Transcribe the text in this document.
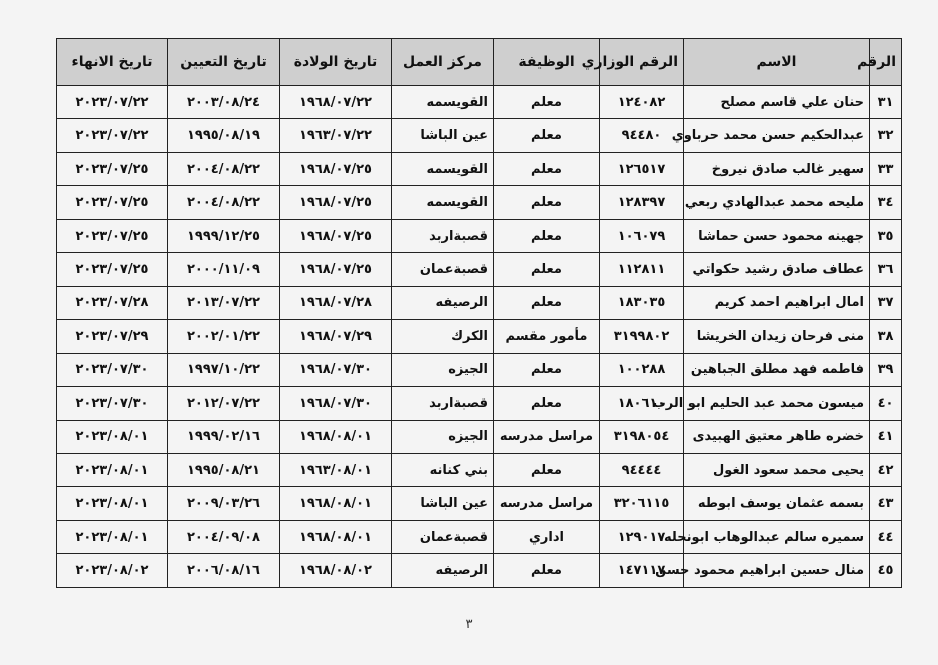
الرقم	الاسم	الرقم الوزاري	الوظيفة	مركز العمل	تاريخ الولادة	تاريخ التعيين	تاريخ الانهاء
٣١	حنان علي قاسم مصلح	١٢٤٠٨٢	معلم	القويسمه	١٩٦٨/٠٧/٢٢	٢٠٠٣/٠٨/٢٤	٢٠٢٣/٠٧/٢٢
٣٢	عبدالحكيم حسن محمد حرباوي	٩٤٤٨٠	معلم	عين الباشا	١٩٦٣/٠٧/٢٢	١٩٩٥/٠٨/١٩	٢٠٢٣/٠٧/٢٢
٣٣	سهير غالب صادق نيروخ	١٢٦٥١٧	معلم	القويسمه	١٩٦٨/٠٧/٢٥	٢٠٠٤/٠٨/٢٢	٢٠٢٣/٠٧/٢٥
٣٤	مليحه محمد عبدالهادي ربعي	١٢٨٣٩٧	معلم	القويسمه	١٩٦٨/٠٧/٢٥	٢٠٠٤/٠٨/٢٢	٢٠٢٣/٠٧/٢٥
٣٥	جهينه محمود حسن حماشا	١٠٦٠٧٩	معلم	قصبةاربد	١٩٦٨/٠٧/٢٥	١٩٩٩/١٢/٢٥	٢٠٢٣/٠٧/٢٥
٣٦	عطاف صادق رشيد حكواتي	١١٢٨١١	معلم	قصبةعمان	١٩٦٨/٠٧/٢٥	٢٠٠٠/١١/٠٩	٢٠٢٣/٠٧/٢٥
٣٧	امال ابراهيم احمد كريم	١٨٣٠٣٥	معلم	الرصيفه	١٩٦٨/٠٧/٢٨	٢٠١٣/٠٧/٢٢	٢٠٢٣/٠٧/٢٨
٣٨	منى فرحان زيدان الخريشا	٣١٩٩٨٠٢	مأمور مقسم	الكرك	١٩٦٨/٠٧/٢٩	٢٠٠٢/٠١/٢٢	٢٠٢٣/٠٧/٢٩
٣٩	فاطمه فهد مطلق الجباهين	١٠٠٢٨٨	معلم	الجيزه	١٩٦٨/٠٧/٣٠	١٩٩٧/١٠/٢٢	٢٠٢٣/٠٧/٣٠
٤٠	ميسون محمد عبد الحليم ابو الرب	١٨٠٦١٠	معلم	قصبةاربد	١٩٦٨/٠٧/٣٠	٢٠١٢/٠٧/٢٢	٢٠٢٣/٠٧/٣٠
٤١	خضره طاهر معتيق الهبيدى	٣١٩٨٠٥٤	مراسل مدرسه	الجيزه	١٩٦٨/٠٨/٠١	١٩٩٩/٠٢/١٦	٢٠٢٣/٠٨/٠١
٤٢	يحيى محمد سعود الغول	٩٤٤٤٤	معلم	بني كنانه	١٩٦٣/٠٨/٠١	١٩٩٥/٠٨/٢١	٢٠٢٣/٠٨/٠١
٤٣	بسمه عثمان يوسف ابوطه	٣٢٠٦١١٥	مراسل مدرسه	عين الباشا	١٩٦٨/٠٨/٠١	٢٠٠٩/٠٣/٢٦	٢٠٢٣/٠٨/٠١
٤٤	سميره سالم عبدالوهاب ابونحله	١٢٩٠١٧	اداري	قصبةعمان	١٩٦٨/٠٨/٠١	٢٠٠٤/٠٩/٠٨	٢٠٢٣/٠٨/٠١
٤٥	منال حسين ابراهيم محمود حسن	١٤٧١١٧	معلم	الرصيفه	١٩٦٨/٠٨/٠٢	٢٠٠٦/٠٨/١٦	٢٠٢٣/٠٨/٠٢
٣
